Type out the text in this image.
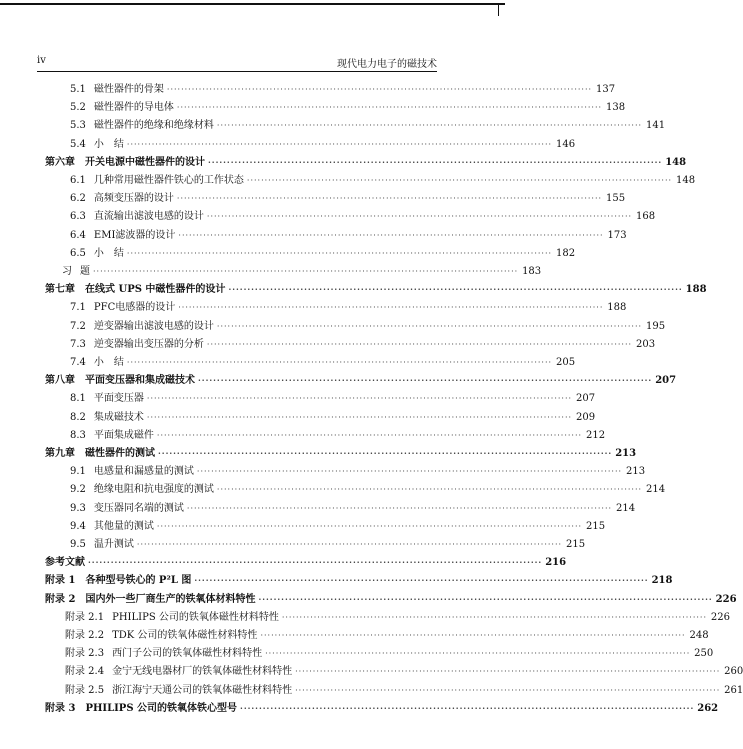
iv	现代电力电子的磁技术
5.1 磁性器件的骨架 ························································································································ 137
5.2 磁性器件的导电体 ························································································································ 138
5.3 磁性器件的绝缘和绝缘材料 ························································································································ 141
5.4 小　结 ························································································································ 146
第六章 开关电源中磁性器件的设计 ························································································································ 148
6.1 几种常用磁性器件铁心的工作状态 ························································································································ 148
6.2 高频变压器的设计 ························································································································ 155
6.3 直流输出滤波电感的设计 ························································································································ 168
6.4 EMI滤波器的设计 ························································································································ 173
6.5 小　结 ························································································································ 182
习 题 ························································································································ 183
第七章 在线式 UPS 中磁性器件的设计 ························································································································ 188
7.1 PFC电感器的设计 ························································································································ 188
7.2 逆变器输出滤波电感的设计 ························································································································ 195
7.3 逆变器输出变压器的分析 ························································································································ 203
7.4 小　结 ························································································································ 205
第八章 平面变压器和集成磁技术 ························································································································ 207
8.1 平面变压器 ························································································································ 207
8.2 集成磁技术 ························································································································ 209
8.3 平面集成磁件 ························································································································ 212
第九章 磁性器件的测试 ························································································································ 213
9.1 电感量和漏感量的测试 ························································································································ 213
9.2 绝缘电阻和抗电强度的测试 ························································································································ 214
9.3 变压器同名端的测试 ························································································································ 214
9.4 其他量的测试 ························································································································ 215
9.5 温升测试 ························································································································ 215
参考文献 ························································································································ 216
附录 1 各种型号铁心的 P²L 图 ························································································································ 218
附录 2 国内外一些厂商生产的铁氧体材料特性 ························································································································ 226
附录 2.1 PHILIPS 公司的铁氧体磁性材料特性 ························································································································ 226
附录 2.2 TDK 公司的铁氧体磁性材料特性 ························································································································ 248
附录 2.3 西门子公司的铁氧体磁性材料特性 ························································································································ 250
附录 2.4 金宁无线电器材厂的铁氧体磁性材料特性 ························································································································ 260
附录 2.5 浙江海宁天通公司的铁氧体磁性材料特性 ························································································································ 261
附录 3 PHILIPS 公司的铁氧体铁心型号 ························································································································ 262
